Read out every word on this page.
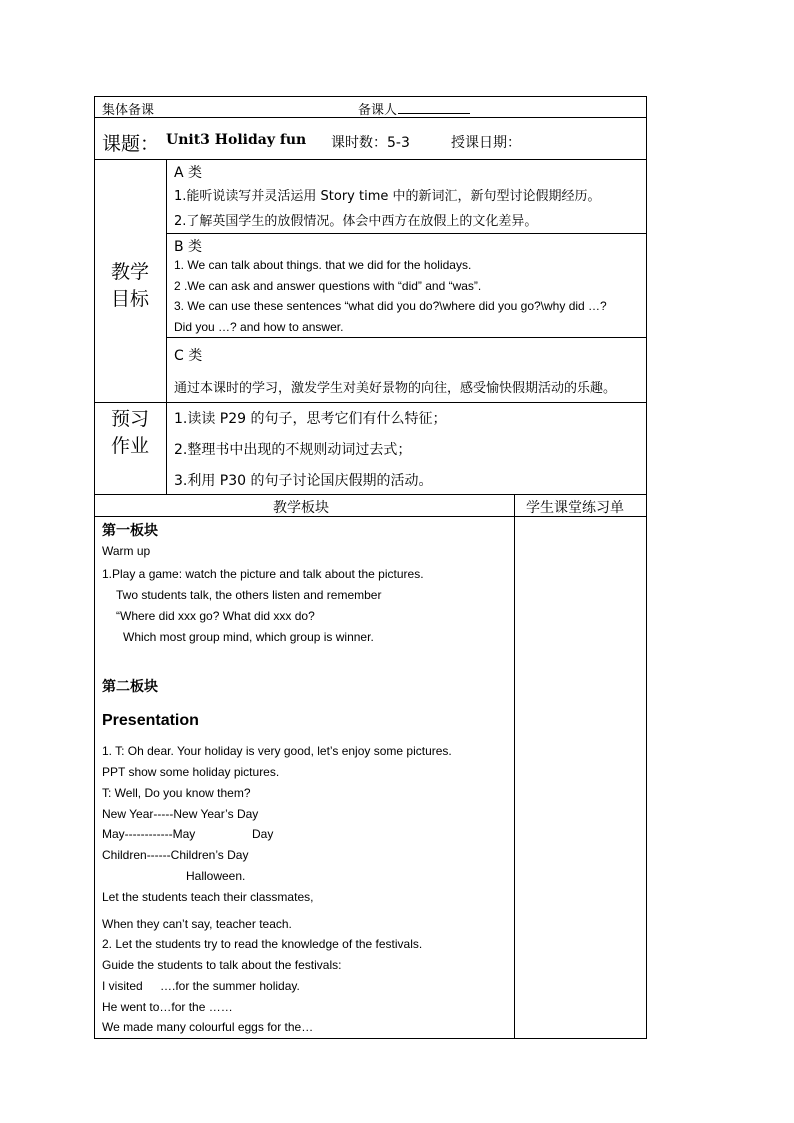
集体备课	备课人
课题： Unit3 Holiday fun 课时数：5-3	授课日期：
教学
目标
A 类
1.能听说读写并灵活运用 Story time 中的新词汇，新句型讨论假期经历。
2.了解英国学生的放假情况。体会中西方在放假上的文化差异。
B 类
1. We can talk about things. that we did for the holidays.
2 .We can ask and answer questions with “did” and “was”.
3. We can use these sentences “what did you do?\where did you go?\why did …?
Did you …? and how to answer.
C 类
通过本课时的学习，激发学生对美好景物的向往，感受愉快假期活动的乐趣。
预习
作业
1.读读 P29 的句子，思考它们有什么特征；
2.整理书中出现的不规则动词过去式；
3.利用 P30 的句子讨论国庆假期的活动。
教学板块	学生课堂练习单
第一板块
Warm up
1.Play a game: watch the picture and talk about the pictures.
Two students talk, the others listen and remember
“Where did xxx go? What did xxx do?
Which most group mind, which group is winner.
第二板块
Presentation
1. T: Oh dear. Your holiday is very good, let’s enjoy some pictures.
PPT show some holiday pictures.
T: Well, Do you know them?
New Year-----New Year’s Day
May------------May	Day
Children------Children’s Day
Halloween.
Let the students teach their classmates,
When they can’t say, teacher teach.
2. Let the students try to read the knowledge of the festivals.
Guide the students to talk about the festivals:
I visited ….for the summer holiday.
He went to…for the ……
We made many colourful eggs for the…
